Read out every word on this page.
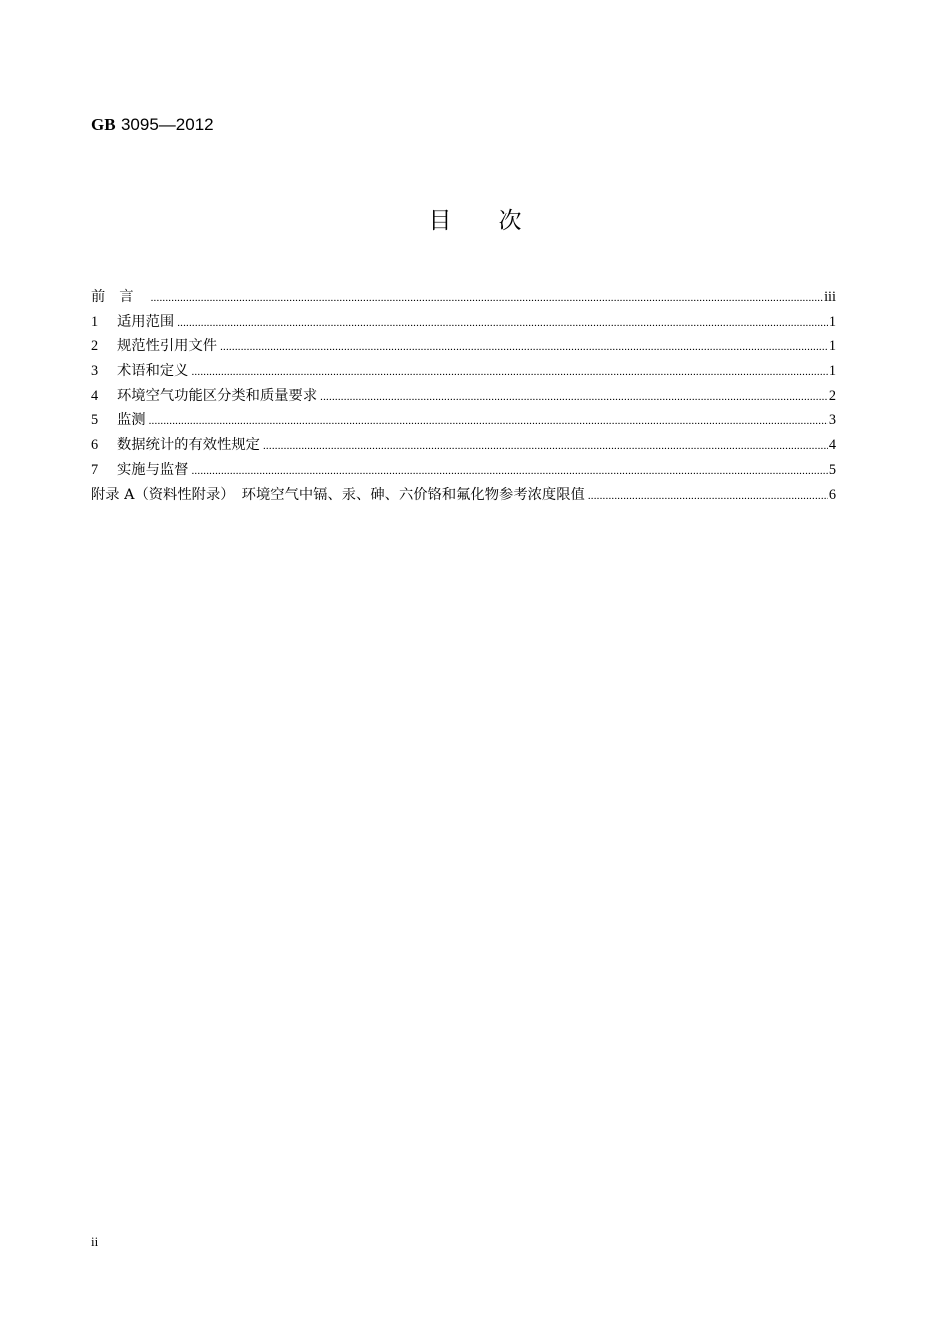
GB 3095—2012
目次
前言 .....	iii
1	适用范围 .....	1
2	规范性引用文件 .....	1
3	术语和定义 .....	1
4	环境空气功能区分类和质量要求 .....	2
5	监测 .....	3
6	数据统计的有效性规定 .....	4
7	实施与监督 .....	5
附录 A（资料性附录）　环境空气中镉、汞、砷、六价铬和氟化物参考浓度限值 .....	6
ii
